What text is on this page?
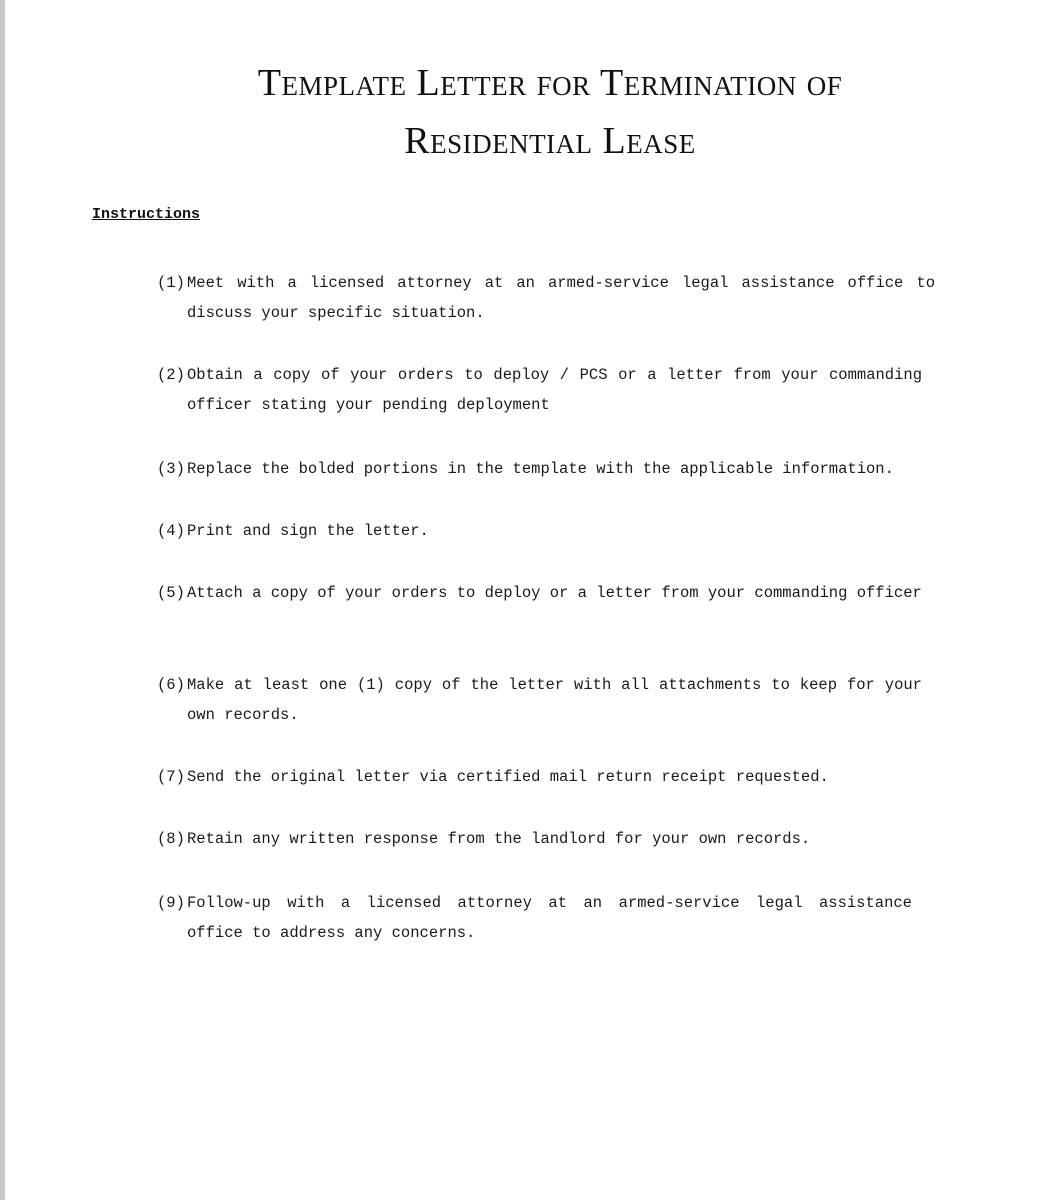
Template Letter for Termination of
Residential Lease
Instructions
(1) Meet with a licensed attorney at an armed-service legal assistance office to discuss your specific situation.
(2) Obtain a copy of your orders to deploy / PCS or a letter from your commanding officer stating your pending deployment
(3) Replace the bolded portions in the template with the applicable information.
(4) Print and sign the letter.
(5) Attach a copy of your orders to deploy or a letter from your commanding officer
(6) Make at least one (1) copy of the letter with all attachments to keep for your own records.
(7) Send the original letter via certified mail return receipt requested.
(8) Retain any written response from the landlord for your own records.
(9) Follow-up with a licensed attorney at an armed-service legal assistance office to address any concerns.
